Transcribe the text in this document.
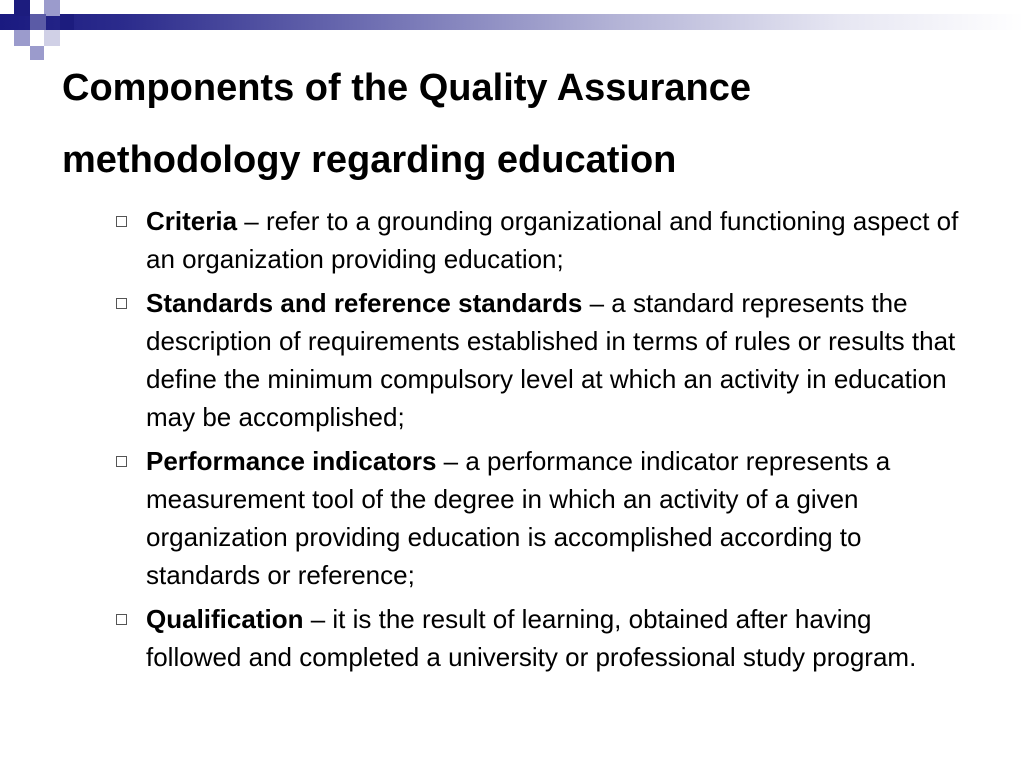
Components of the Quality Assurance
methodology regarding education
Criteria – refer to a grounding organizational and functioning aspect of an organization providing education;
Standards and reference standards – a standard represents the description of requirements established in terms of rules or results that define the minimum compulsory level at which an activity in education may be accomplished;
Performance indicators – a performance indicator represents a measurement tool of the degree in which an activity of a given organization providing education is accomplished according to standards or reference;
Qualification – it is the result of learning, obtained after having followed and completed a university or professional study program.
